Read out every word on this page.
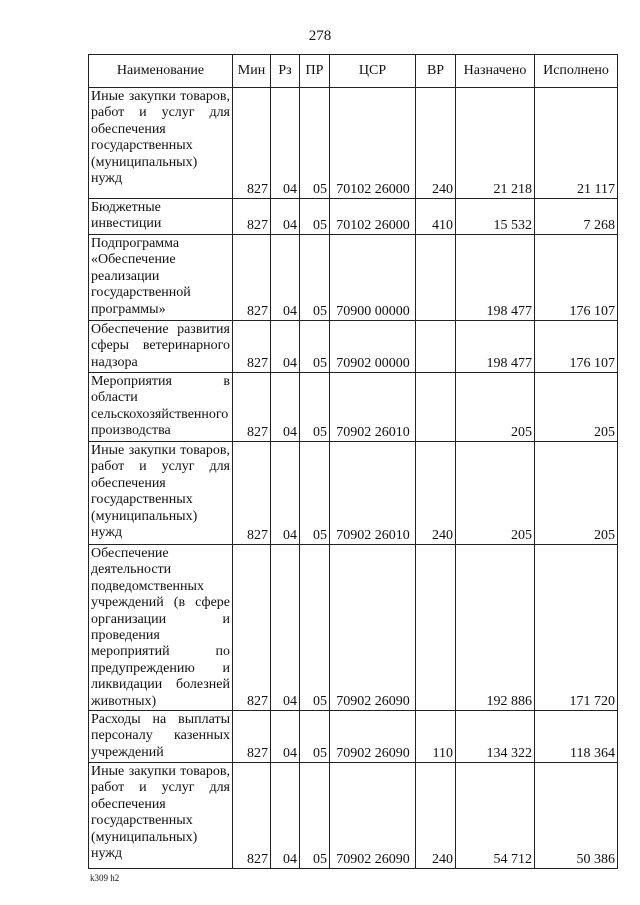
278
Наименование	Мин	Рз	ПР	ЦСР	ВР	Назначено	Исполнено
Иные закупки товаров, работ и услуг для обеспечения государственных (муниципальных) нужд	827	04	05	70102 26000	240	21 218	21 117
Бюджетные инвестиции	827	04	05	70102 26000	410	15 532	7 268
Подпрограмма «Обеспечение реализации государственной программы»	827	04	05	70900 00000		198 477	176 107
Обеспечение развития сферы ветеринарного надзора	827	04	05	70902 00000		198 477	176 107
Мероприятия в области сельскохозяйственного производства	827	04	05	70902 26010		205	205
Иные закупки товаров, работ и услуг для обеспечения государственных (муниципальных) нужд	827	04	05	70902 26010	240	205	205
Обеспечение деятельности подведомственных учреждений (в сфере организации и проведения мероприятий по предупреждению и ликвидации болезней животных)	827	04	05	70902 26090		192 886	171 720
Расходы на выплаты персоналу казенных учреждений	827	04	05	70902 26090	110	134 322	118 364
Иные закупки товаров, работ и услуг для обеспечения государственных (муниципальных) нужд	827	04	05	70902 26090	240	54 712	50 386
k309 h2
